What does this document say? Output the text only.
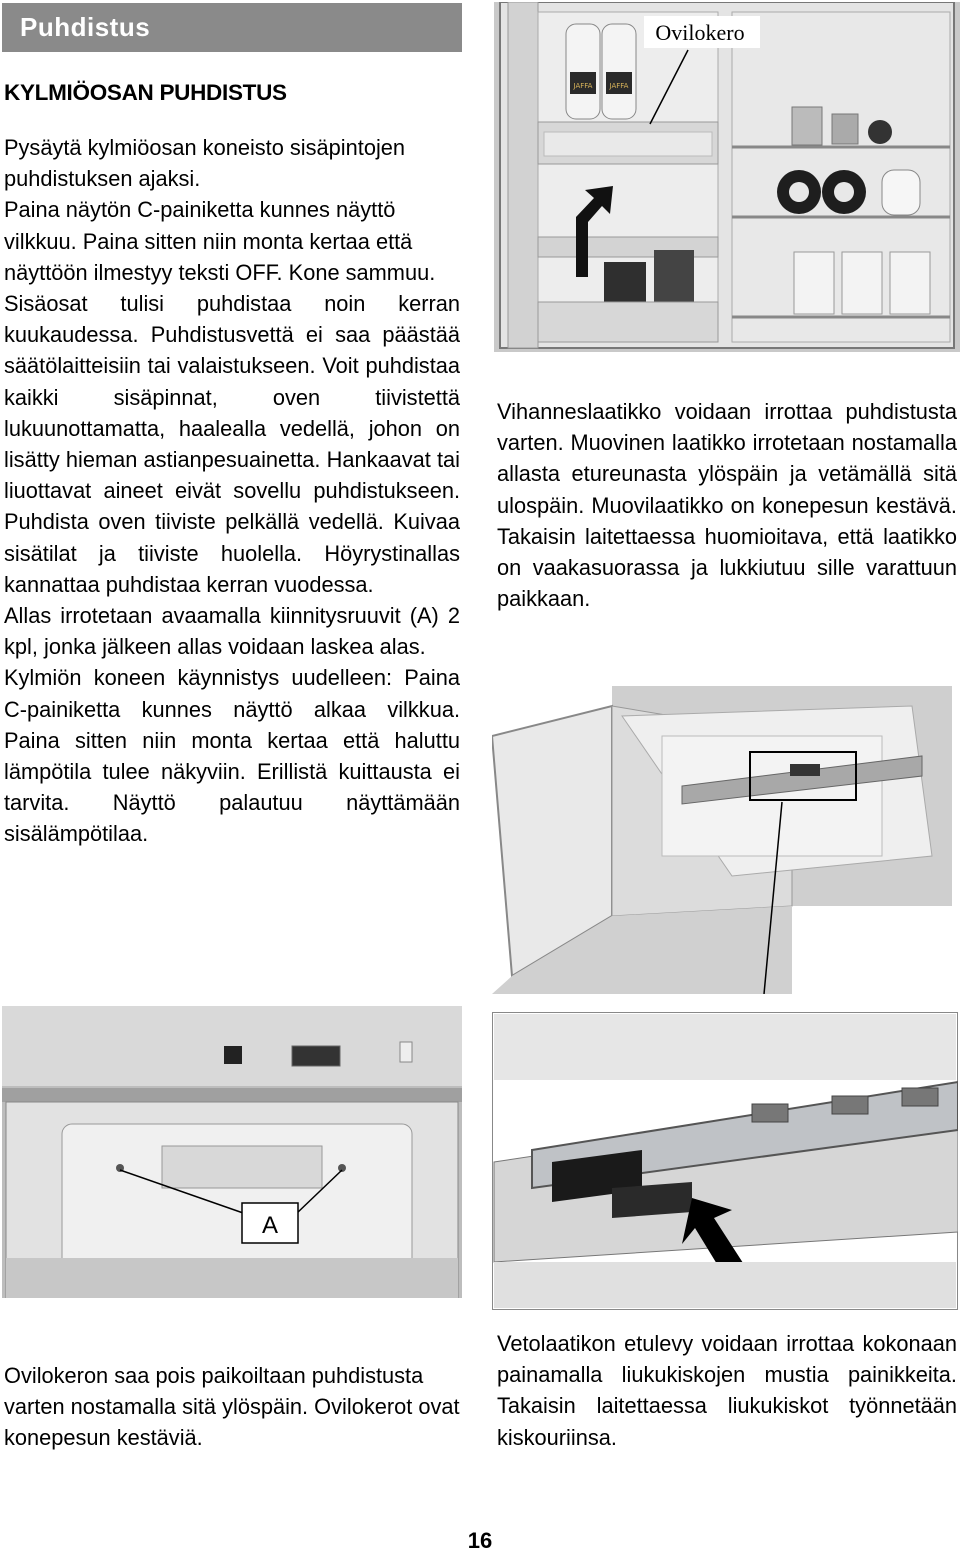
Puhdistus
KYLMIÖOSAN PUHDISTUS

Pysäytä kylmiöosan koneisto sisäpintojen puhdistuksen ajaksi.

Paina näytön C-painiketta kunnes näyttö vilkkuu. Paina sitten niin monta kertaa että näyttöön ilmestyy teksti OFF. Kone sammuu.

Sisäosat tulisi puhdistaa noin kerran kuukaudessa. Puhdistusvettä ei saa päästää säätölaitteisiin tai valaistukseen. Voit puhdistaa kaikki sisäpinnat, oven tiivistettä lukuunottamatta, haalealla vedellä, johon on lisätty hieman astianpesuainetta. Hankaavat tai liuottavat aineet eivät sovellu puhdistukseen. Puhdista oven tiiviste pelkällä vedellä. Kuivaa sisätilat ja tiiviste huolella. Höyrystinallas kannattaa puhdistaa kerran vuodessa.

Allas irrotetaan avaamalla kiinnitysruuvit (A) 2 kpl, jonka jälkeen allas voidaan laskea alas.

Kylmiön koneen käynnistys uudelleen: Paina C-painiketta kunnes näyttö alkaa vilkkua. Paina sitten niin monta kertaa että haluttu lämpötila tulee näkyviin. Erillistä kuittausta ei tarvita. Näyttö palautuu näyttämään sisälämpötilaa.

JAFFA JAFFA
Ovilokero

Vihanneslaatikko voidaan irrottaa puhdistusta varten. Muovinen laatikko irrotetaan nostamalla allasta etureunasta ylöspäin ja vetämällä sitä ulospäin. Muovilaatikko on konepesun kestävä. Takaisin laitettaessa huomioitava, että laatikko on vaakasuorassa ja lukkiutuu sille varattuun paikkaan.

A
Ovilokeron saa pois paikoiltaan puhdistusta varten nostamalla sitä ylöspäin. Ovilokerot ovat konepesun kestäviä.
Vetolaatikon etulevy voidaan irrottaa kokonaan painamalla liukukiskojen mustia painikkeita. Takaisin laitettaessa liukukiskot työnnetään kiskouriinsa.
16
